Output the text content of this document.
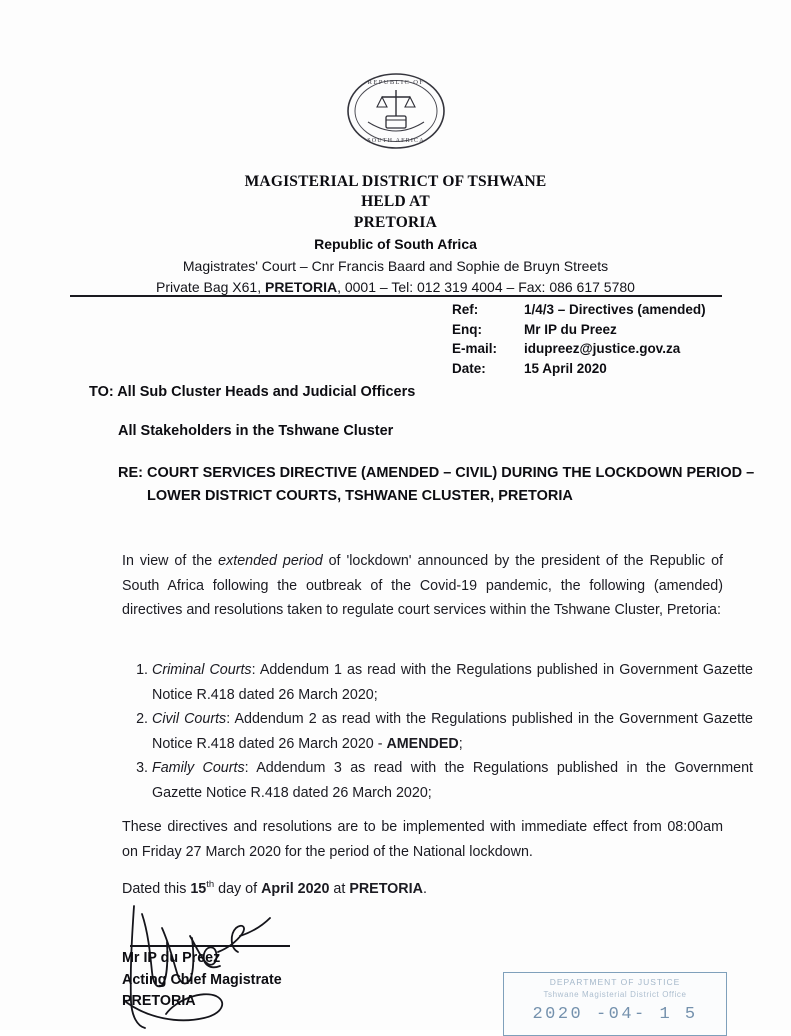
REPUBLIC OF
SOUTH AFRICA
MAGISTERIAL DISTRICT OF TSHWANE
HELD AT
PRETORIA
Republic of South Africa
Magistrates' Court – Cnr Francis Baard and Sophie de Bruyn Streets
Private Bag X61, PRETORIA, 0001 – Tel: 012 319 4004 – Fax: 086 617 5780
Ref:	1/4/3 – Directives (amended)
Enq:	Mr IP du Preez
E-mail:	idupreez@justice.gov.za
Date:	15 April 2020
TO: All Sub Cluster Heads and Judicial Officers
All Stakeholders in the Tshwane Cluster
RE: COURT SERVICES DIRECTIVE (AMENDED – CIVIL) DURING THE LOCKDOWN PERIOD – LOWER DISTRICT COURTS, TSHWANE CLUSTER, PRETORIA
In view of the extended period of 'lockdown' announced by the president of the Republic of South Africa following the outbreak of the Covid-19 pandemic, the following (amended) directives and resolutions taken to regulate court services within the Tshwane Cluster, Pretoria:
1. Criminal Courts: Addendum 1 as read with the Regulations published in Government Gazette Notice R.418 dated 26 March 2020;
2. Civil Courts: Addendum 2 as read with the Regulations published in the Government Gazette Notice R.418 dated 26 March 2020 - AMENDED;
3. Family Courts: Addendum 3 as read with the Regulations published in the Government Gazette Notice R.418 dated 26 March 2020;
These directives and resolutions are to be implemented with immediate effect from 08:00am on Friday 27 March 2020 for the period of the National lockdown.
Dated this 15th day of April 2020 at PRETORIA.
Mr IP du Preez
Acting Chief Magistrate
PRETORIA
DEPARTMENT OF JUSTICE
Tshwane Magisterial District Office
2020 -04- 1 5
